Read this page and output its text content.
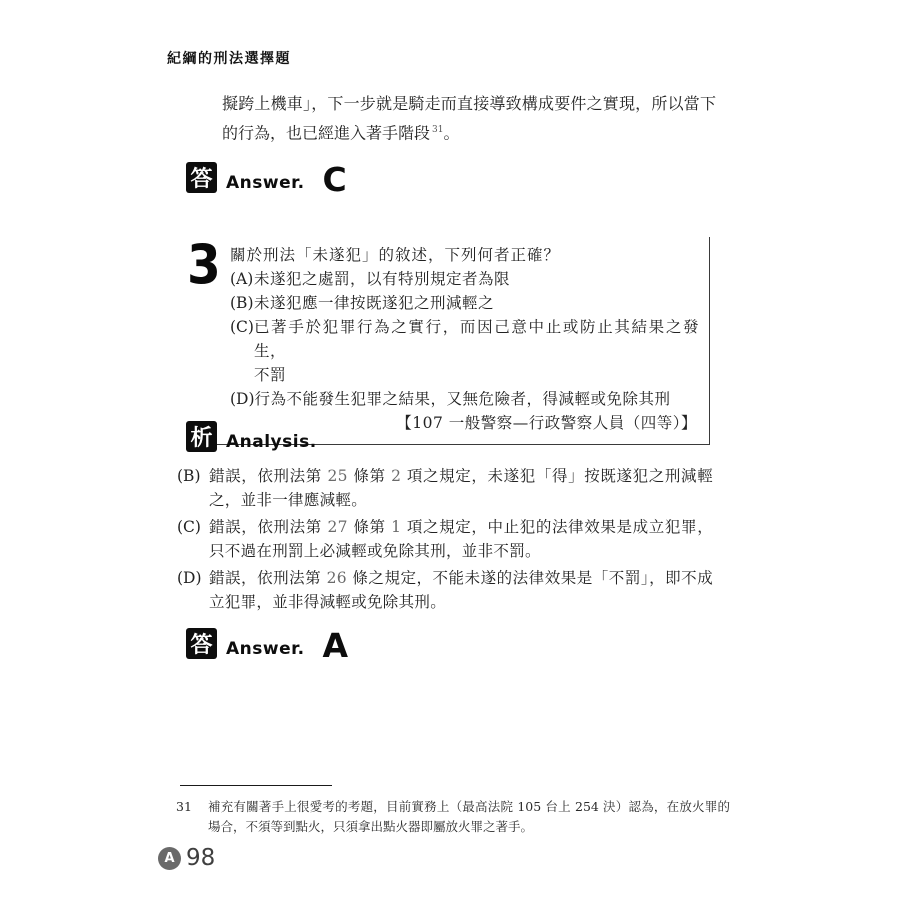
紀綱的刑法選擇題

擬跨上機車」，下一步就是騎走而直接導致構成要件之實現，所以當下的行為，也已經進入著手階段 $^{31}$。

答 Answer. C
3 關於刑法「未遂犯」的敘述，下列何者正確？
(A) 未遂犯之處罰，以有特別規定者為限
(B) 未遂犯應一律按既遂犯之刑減輕之
(C) 已著手於犯罪行為之實行，而因己意中止或防止其結果之發生，
不罰
(D) 行為不能發生犯罪之結果，又無危險者，得減輕或免除其刑
【107 一般警察—行政警察人員（四等）】
析 Analysis.
(B) 錯誤，依刑法第 25 條第 2 項之規定，未遂犯「得」按既遂犯之刑減輕之，並非一律應減輕。
(C) 錯誤，依刑法第 27 條第 1 項之規定，中止犯的法律效果是成立犯罪，只不過在刑罰上必減輕或免除其刑，並非不罰。
(D) 錯誤，依刑法第 26 條之規定，不能未遂的法律效果是「不罰」，即不成立犯罪，並非得減輕或免除其刑。
答 Answer. A
31	補充有關著手上很愛考的考題，目前實務上（最高法院 105 台上 254 決）認為，在放火罪的場合，不須等到點火，只須拿出點火器即屬放火罪之著手。
A 98
